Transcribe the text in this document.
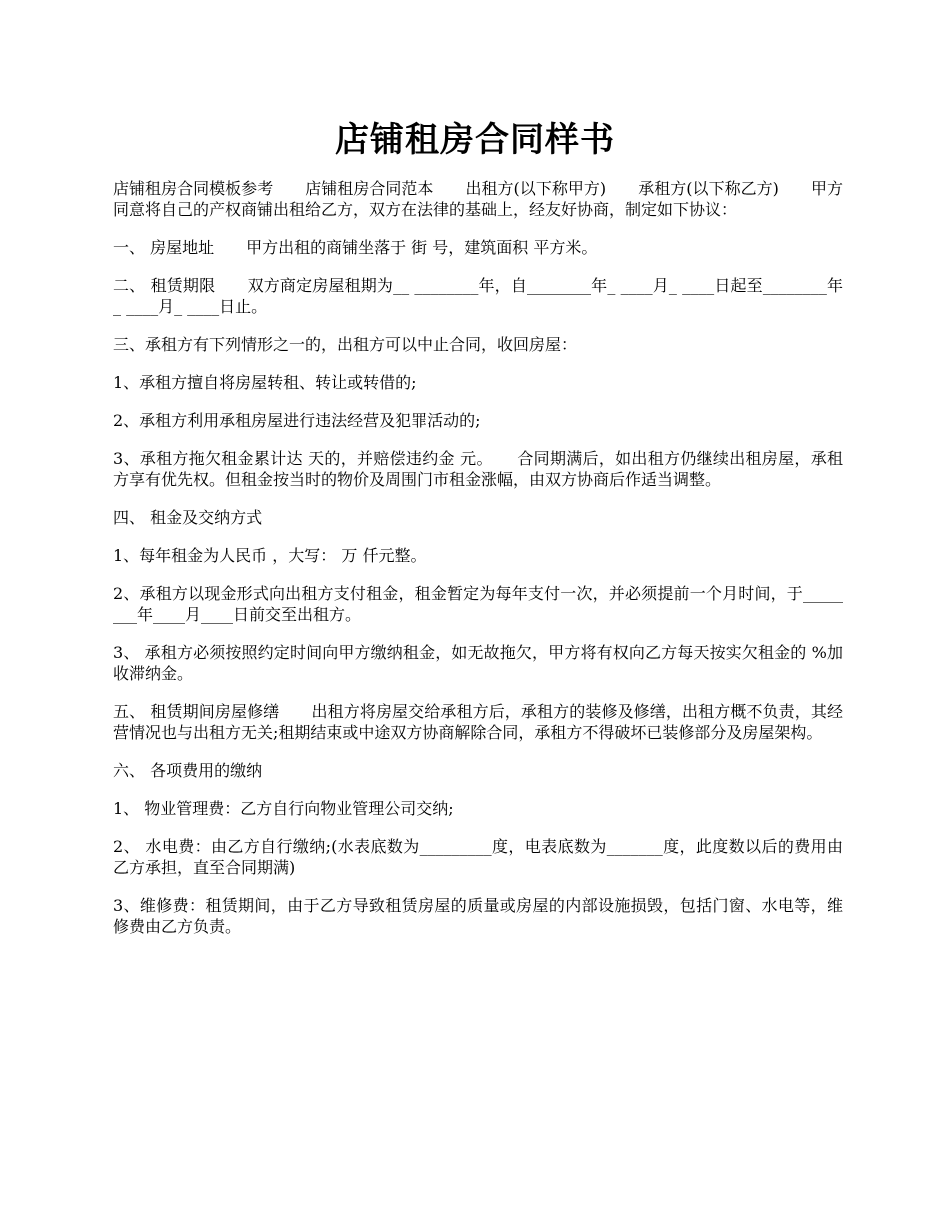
店铺租房合同样书

店铺租房合同模板参考　　店铺租房合同范本　　出租方(以下称甲方)　　承租方(以下称乙方)　　甲方同意将自己的产权商铺出租给乙方，双方在法律的基础上，经友好协商，制定如下协议：

一、 房屋地址　　甲方出租的商铺坐落于 街 号，建筑面积 平方米。

二、 租赁期限　　双方商定房屋租期为__ ________年，自________年_ ____月_ ____日起至________年_ ____月_ ____日止。

三、承租方有下列情形之一的，出租方可以中止合同，收回房屋：

1、承租方擅自将房屋转租、转让或转借的;

2、承租方利用承租房屋进行违法经营及犯罪活动的;

3、承租方拖欠租金累计达 天的，并赔偿违约金 元。　　合同期满后，如出租方仍继续出租房屋，承租方享有优先权。但租金按当时的物价及周围门市租金涨幅，由双方协商后作适当调整。

四、 租金及交纳方式

1、每年租金为人民币 ，大写： 万 仟元整。

2、承租方以现金形式向出租方支付租金，租金暂定为每年支付一次，并必须提前一个月时间，于________年____月____日前交至出租方。

3、 承租方必须按照约定时间向甲方缴纳租金，如无故拖欠，甲方将有权向乙方每天按实欠租金的 %加收滞纳金。

五、 租赁期间房屋修缮　　出租方将房屋交给承租方后，承租方的装修及修缮，出租方概不负责，其经营情况也与出租方无关;租期结束或中途双方协商解除合同，承租方不得破坏已装修部分及房屋架构。

六、 各项费用的缴纳

1、 物业管理费：乙方自行向物业管理公司交纳;

2、 水电费：由乙方自行缴纳;(水表底数为_________度，电表底数为_______度，此度数以后的费用由乙方承担，直至合同期满)

3、维修费：租赁期间，由于乙方导致租赁房屋的质量或房屋的内部设施损毁，包括门窗、水电等，维修费由乙方负责。
